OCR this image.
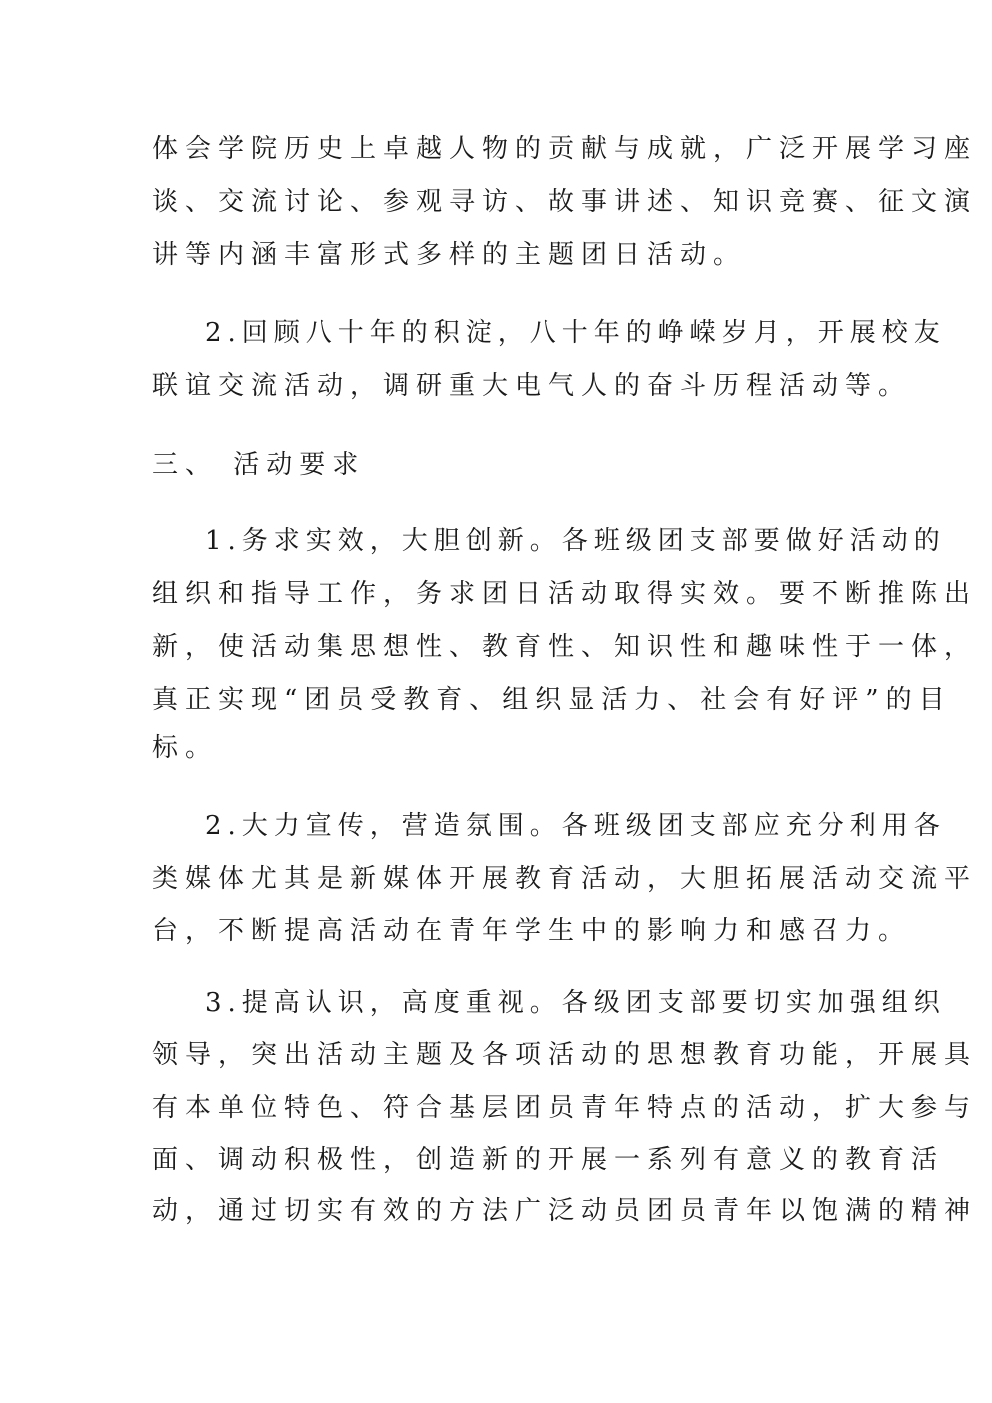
体会学院历史上卓越人物的贡献与成就，广泛开展学习座
谈、交流讨论、参观寻访、故事讲述、知识竞赛、征文演
讲等内涵丰富形式多样的主题团日活动。
2.回顾八十年的积淀，八十年的峥嵘岁月，开展校友
联谊交流活动，调研重大电气人的奋斗历程活动等。
三、 活动要求
1.务求实效，大胆创新。各班级团支部要做好活动的
组织和指导工作，务求团日活动取得实效。要不断推陈出
新，使活动集思想性、教育性、知识性和趣味性于一体，
真正实现“团员受教育、组织显活力、社会有好评”的目
标。
2.大力宣传，营造氛围。各班级团支部应充分利用各
类媒体尤其是新媒体开展教育活动，大胆拓展活动交流平
台，不断提高活动在青年学生中的影响力和感召力。
3.提高认识，高度重视。各级团支部要切实加强组织
领导，突出活动主题及各项活动的思想教育功能，开展具
有本单位特色、符合基层团员青年特点的活动，扩大参与
面、调动积极性，创造新的开展一系列有意义的教育活
动，通过切实有效的方法广泛动员团员青年以饱满的精神
